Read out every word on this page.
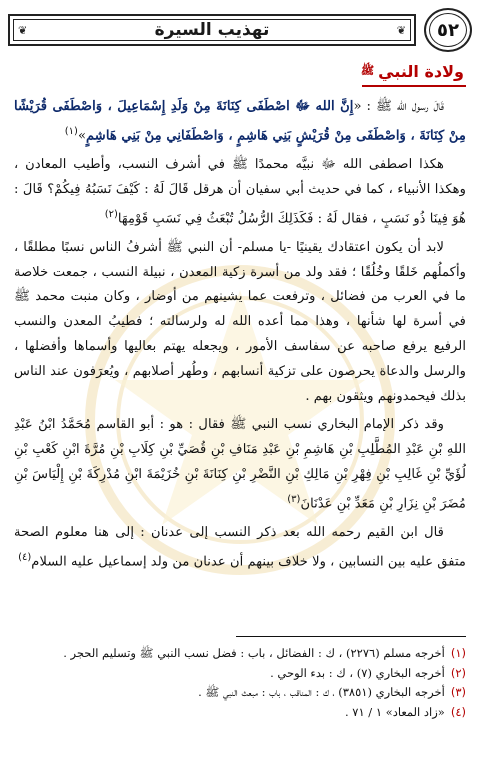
❦	تهذيب السيرة	❦	٥٢
ولادة النبي
ﷺ

قَالَ رسول الله ﷺ : «إِنَّ الله ﷻ اصْطَفَى كِنَانَةَ مِنْ وَلَدِ إِسْمَاعِيلَ ، وَاصْطَفَى قُرَيْشًا مِنْ كِنَانَةَ ، وَاصْطَفَى مِنْ قُرَيْشٍ بَنِي هَاشِمٍ ، وَاصْطَفَانِي مِنْ بَنِي هَاشِمٍ»$^{(١)}$

هكذا اصطفى الله ﷻ نبيَّه محمدًا ﷺ في أشرف النسب، وأطيب المعادن ، وهكذا الأنبياء ، كما في حديث أبي سفيان أن هرقل قَالَ لَهُ : كَيْفَ نَسَبُهُ فِيكُمْ؟ قَالَ : هُوَ فِينَا ذُو نَسَبٍ ، فقال لَهُ : فَكَذَلِكَ الرُّسُلُ تُبْعَثُ فِي نَسَبِ قَوْمِهَا$^{(٢)}$

لابد أن يكون اعتقادك يقينيًا -يا مسلم- أن النبي ﷺ أشرفُ الناس نسبًا مطلقًا ، وأكملُهم خَلقًا وخُلُقًا ؛ فقد ولد من أسرة زكية المعدن ، نبيلة النسب ، جمعت خلاصة ما في العرب من فضائل ، وترفعت عما يشينهم من أوضار ، وكان منبت محمد ﷺ في أسرة لها شأنها ، وهذا مما أعده الله له ولرسالته ؛ فطيبُ المعدن والنسب الرفيع يرفع صاحبه عن سفاسف الأمور ، ويجعله يهتم بعاليها وأسماها وأفضلها ، والرسل والدعاة يحرصون على تزكية أنسابهم ، وطُهر أصلابهم ، ويُعرَفون عند الناس بذلك فيحمدونهم ويثقون بهم .

وقد ذكر الإمام البخاري نسب النبي ﷺ فقال : هو : أبو القاسم مُحَمَّدُ ابْنُ عَبْدِ اللهِ بْنِ عَبْدِ المُطَّلِبِ بْنِ هَاشِمِ بْنِ عَبْدِ مَنَافِ بْنِ قُصَيِّ بْنِ كِلَابِ بْنِ مُرَّةَ ابْنِ كَعْبِ بْنِ لُؤَيِّ بْنِ غَالِبِ بْنِ فِهْرِ بْنِ مَالِكِ بْنِ النَّضْرِ بْنِ كِنَانَةَ بْنِ خُزَيْمَةَ ابْنِ مُدْرِكَةَ بْنِ إِلْيَاسَ بْنِ مُضَرَ بْنِ نِزَارِ بْنِ مَعَدِّ بْنِ عَدْنَانَ$^{(٣)}$

قال ابن القيم رحمه الله بعد ذكر النسب إلى عدنان : إلى هنا معلوم الصحة متفق عليه بين النسابين ، ولا خلاف بينهم أن عدنان من ولد إسماعيل عليه السلام$^{(٤)}$

(١)
أخرجه مسلم (٢٢٧٦) ، ك : الفضائل ، باب : فضل نسب النبي ﷺ وتسليم الحجر .

(٢)
أخرجه البخاري (٧) ، ك : بدء الوحي .

(٣)
أخرجه البخاري (٣٨٥١) ، ك : المناقب ، باب : مبعث النبي ﷺ .

(٤)
«زاد المعاد» ١ / ٧١ .
